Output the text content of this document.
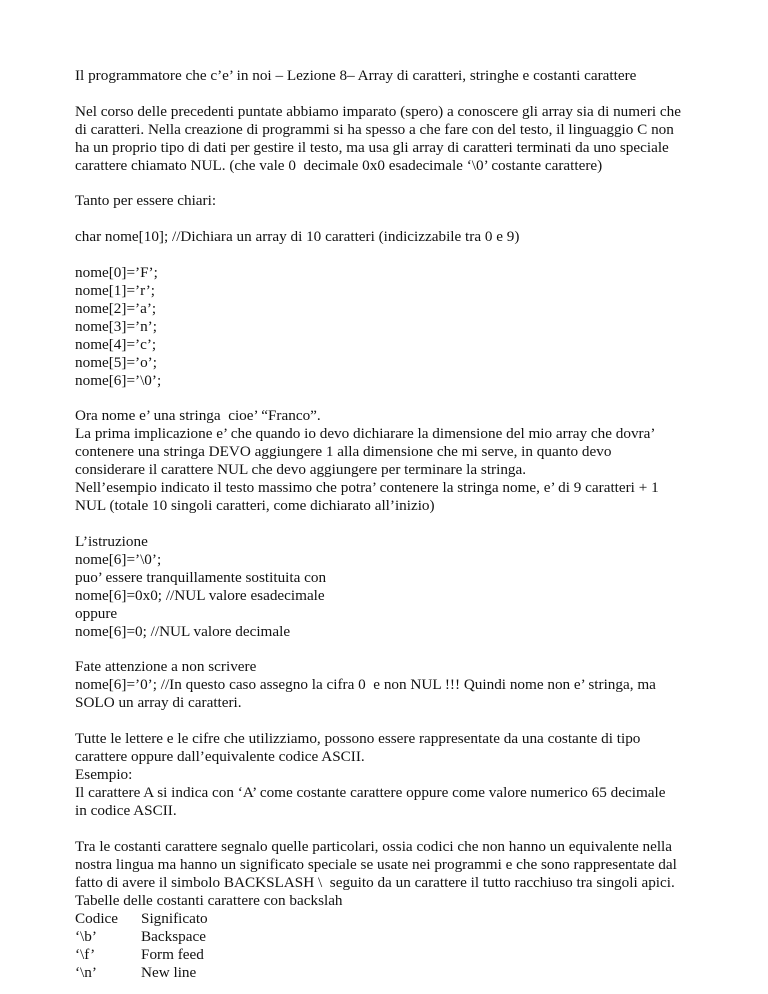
Il programmatore che c’e’ in noi – Lezione 8– Array di caratteri, stringhe e costanti carattere
Nel corso delle precedenti puntate abbiamo imparato (spero) a conoscere gli array sia di numeri che
di caratteri. Nella creazione di programmi si ha spesso a che fare con del testo, il linguaggio C non
ha un proprio tipo di dati per gestire il testo, ma usa gli array di caratteri terminati da uno speciale
carattere chiamato NUL. (che vale 0  decimale 0x0 esadecimale ‘\0’ costante carattere)
Tanto per essere chiari:
char nome[10]; //Dichiara un array di 10 caratteri (indicizzabile tra 0 e 9)
nome[0]=’F’;
nome[1]=’r’;
nome[2]=’a’;
nome[3]=’n’;
nome[4]=’c’;
nome[5]=’o’;
nome[6]=’\0’;
Ora nome e’ una stringa  cioe’ “Franco”.
La prima implicazione e’ che quando io devo dichiarare la dimensione del mio array che dovra’
contenere una stringa DEVO aggiungere 1 alla dimensione che mi serve, in quanto devo
considerare il carattere NUL che devo aggiungere per terminare la stringa.
Nell’esempio indicato il testo massimo che potra’ contenere la stringa nome, e’ di 9 caratteri + 1
NUL (totale 10 singoli caratteri, come dichiarato all’inizio)
L’istruzione
nome[6]=’\0’;
puo’ essere tranquillamente sostituita con
nome[6]=0x0; //NUL valore esadecimale
oppure
nome[6]=0; //NUL valore decimale
Fate attenzione a non scrivere
nome[6]=’0’; //In questo caso assegno la cifra 0  e non NUL !!! Quindi nome non e’ stringa, ma
SOLO un array di caratteri.
Tutte le lettere e le cifre che utilizziamo, possono essere rappresentate da una costante di tipo
carattere oppure dall’equivalente codice ASCII.
Esempio:
Il carattere A si indica con ‘A’ come costante carattere oppure come valore numerico 65 decimale
in codice ASCII.
Tra le costanti carattere segnalo quelle particolari, ossia codici che non hanno un equivalente nella
nostra lingua ma hanno un significato speciale se usate nei programmi e che sono rappresentate dal
fatto di avere il simbolo BACKSLASH \  seguito da un carattere il tutto racchiuso tra singoli apici.
Tabelle delle costanti carattere con backslah
Codice Significato
‘\b’	Backspace
‘\f’	Form feed
‘\n’	New line
